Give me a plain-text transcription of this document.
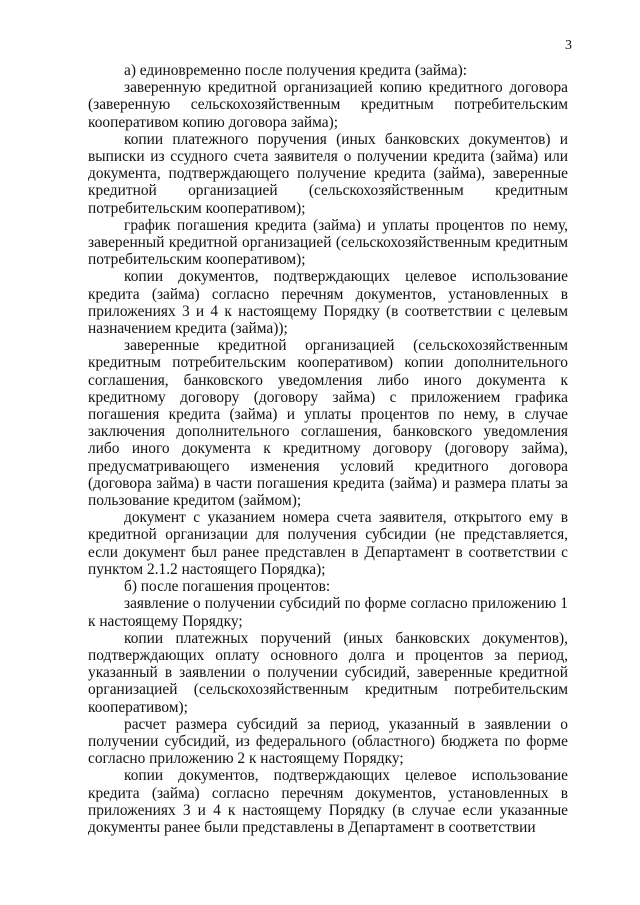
3

а) единовременно после получения кредита (займа):

заверенную кредитной организацией копию кредитного договора (заверенную сельскохозяйственным кредитным потребительским кооперативом копию договора займа);

копии платежного поручения (иных банковских документов) и выписки из ссудного счета заявителя о получении кредита (займа) или документа, подтверждающего получение кредита (займа), заверенные кредитной организацией (сельскохозяйственным кредитным потребительским кооперативом);

график погашения кредита (займа) и уплаты процентов по нему, заверенный кредитной организацией (сельскохозяйственным кредитным потребительским кооперативом);

копии документов, подтверждающих целевое использование кредита (займа) согласно перечням документов, установленных в приложениях 3 и 4 к настоящему Порядку (в соответствии с целевым назначением кредита (займа));

заверенные кредитной организацией (сельскохозяйственным кредитным потребительским кооперативом) копии дополнительного соглашения, банковского уведомления либо иного документа к кредитному договору (договору займа) с приложением графика погашения кредита (займа) и уплаты процентов по нему, в случае заключения дополнительного соглашения, банковского уведомления либо иного документа к кредитному договору (договору займа), предусматривающего изменения условий кредитного договора (договора займа) в части погашения кредита (займа) и размера платы за пользование кредитом (займом);

документ с указанием номера счета заявителя, открытого ему в кредитной организации для получения субсидии (не представляется, если документ был ранее представлен в Департамент в соответствии с пунктом 2.1.2 настоящего Порядка);

б) после погашения процентов:

заявление о получении субсидий по форме согласно приложению 1 к настоящему Порядку;

копии платежных поручений (иных банковских документов), подтверждающих оплату основного долга и процентов за период, указанный в заявлении о получении субсидий, заверенные кредитной организацией (сельскохозяйственным кредитным потребительским кооперативом);

расчет размера субсидий за период, указанный в заявлении о получении субсидий, из федерального (областного) бюджета по форме согласно приложению 2 к настоящему Порядку;

копии документов, подтверждающих целевое использование кредита (займа) согласно перечням документов, установленных в приложениях 3 и 4 к настоящему Порядку (в случае если указанные документы ранее были представлены в Департамент в соответствии
